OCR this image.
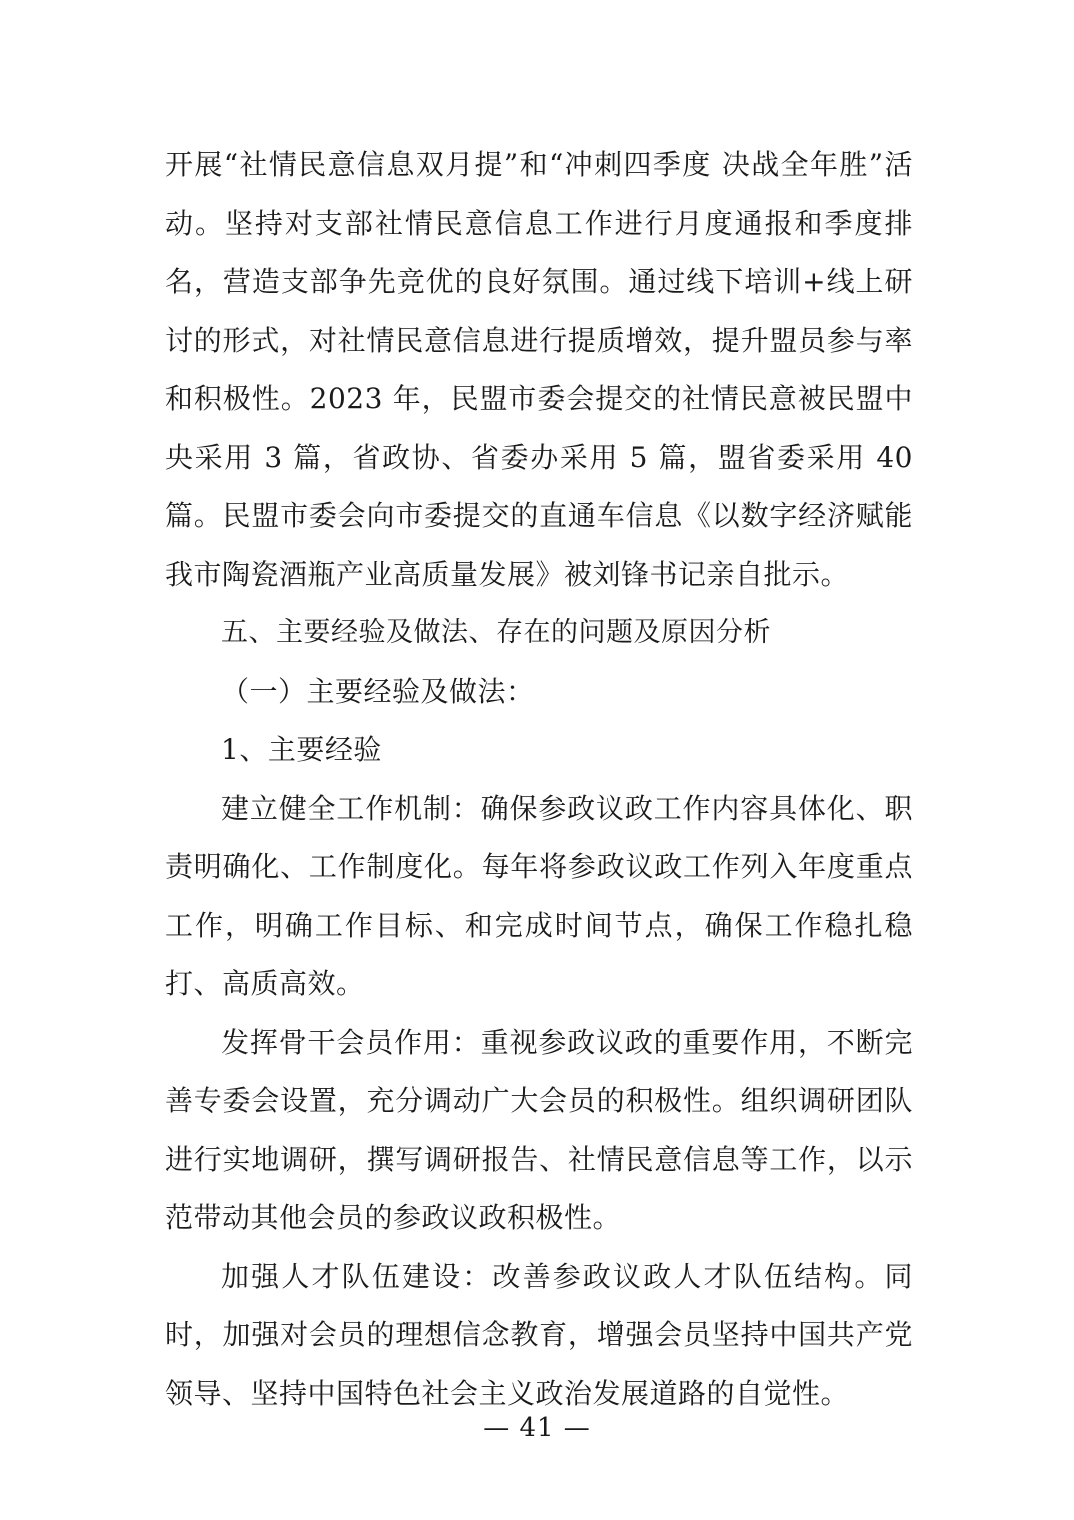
开展“社情民意信息双月提”和“冲刺四季度 决战全年胜”活动。坚持对支部社情民意信息工作进行月度通报和季度排名，营造支部争先竞优的良好氛围。通过线下培训+线上研讨的形式，对社情民意信息进行提质增效，提升盟员参与率和积极性。2023 年，民盟市委会提交的社情民意被民盟中央采用 3 篇，省政协、省委办采用 5 篇，盟省委采用 40 篇。民盟市委会向市委提交的直通车信息《以数字经济赋能我市陶瓷酒瓶产业高质量发展》被刘锋书记亲自批示。

五、主要经验及做法、存在的问题及原因分析

（一）主要经验及做法：

1、主要经验

建立健全工作机制：确保参政议政工作内容具体化、职责明确化、工作制度化。每年将参政议政工作列入年度重点工作，明确工作目标、和完成时间节点，确保工作稳扎稳打、高质高效。

发挥骨干会员作用：重视参政议政的重要作用，不断完善专委会设置，充分调动广大会员的积极性。组织调研团队进行实地调研，撰写调研报告、社情民意信息等工作，以示范带动其他会员的参政议政积极性。

加强人才队伍建设：改善参政议政人才队伍结构。同时，加强对会员的理想信念教育，增强会员坚持中国共产党领导、坚持中国特色社会主义政治发展道路的自觉性。

— 41 —
